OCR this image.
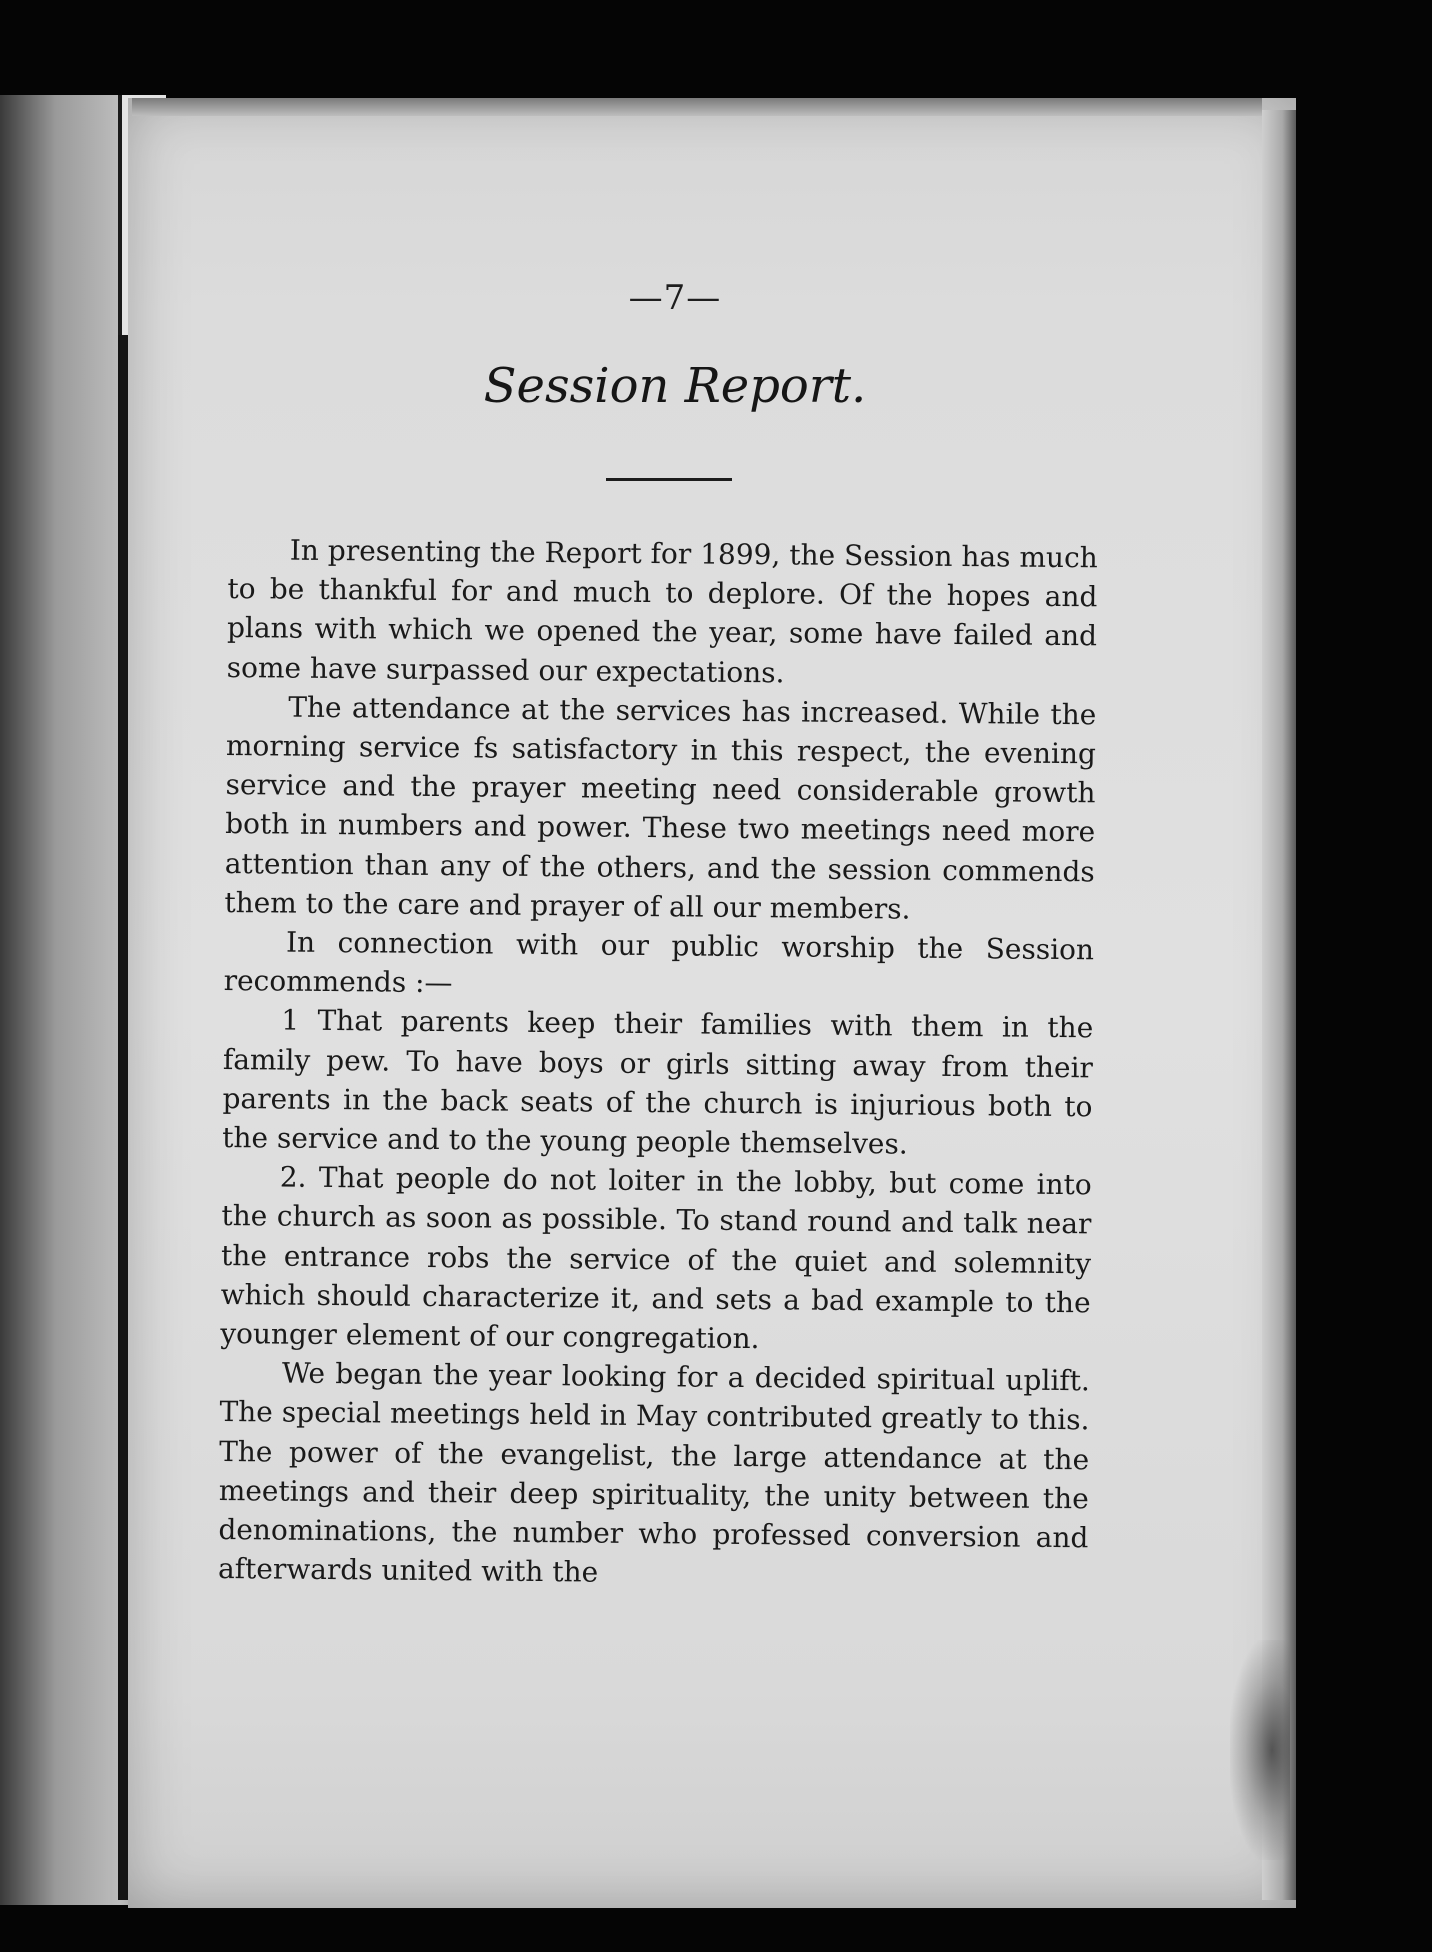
—7—
Session Report.

In presenting the Report for 1899, the Session has much to be thankful for and much to deplore. Of the hopes and plans with which we opened the year, some have failed and some have surpassed our expectations.

The attendance at the services has increased. While the morning service fs satisfactory in this respect, the evening service and the prayer meeting need considerable growth both in numbers and power. These two meetings need more attention than any of the others, and the session commends them to the care and prayer of all our members.

In connection with our public worship the Session recommends :—

1 That parents keep their families with them in the family pew. To have boys or girls sitting away from their parents in the back seats of the church is injurious both to the service and to the young people themselves.

2. That people do not loiter in the lobby, but come into the church as soon as possible. To stand round and talk near the entrance robs the service of the quiet and solemnity which should characterize it, and sets a bad example to the younger element of our congregation.

We began the year looking for a decided spiritual uplift. The special meetings held in May contributed greatly to this. The power of the evangelist, the large attendance at the meetings and their deep spirituality, the unity between the denominations, the number who professed conversion and afterwards united with the
